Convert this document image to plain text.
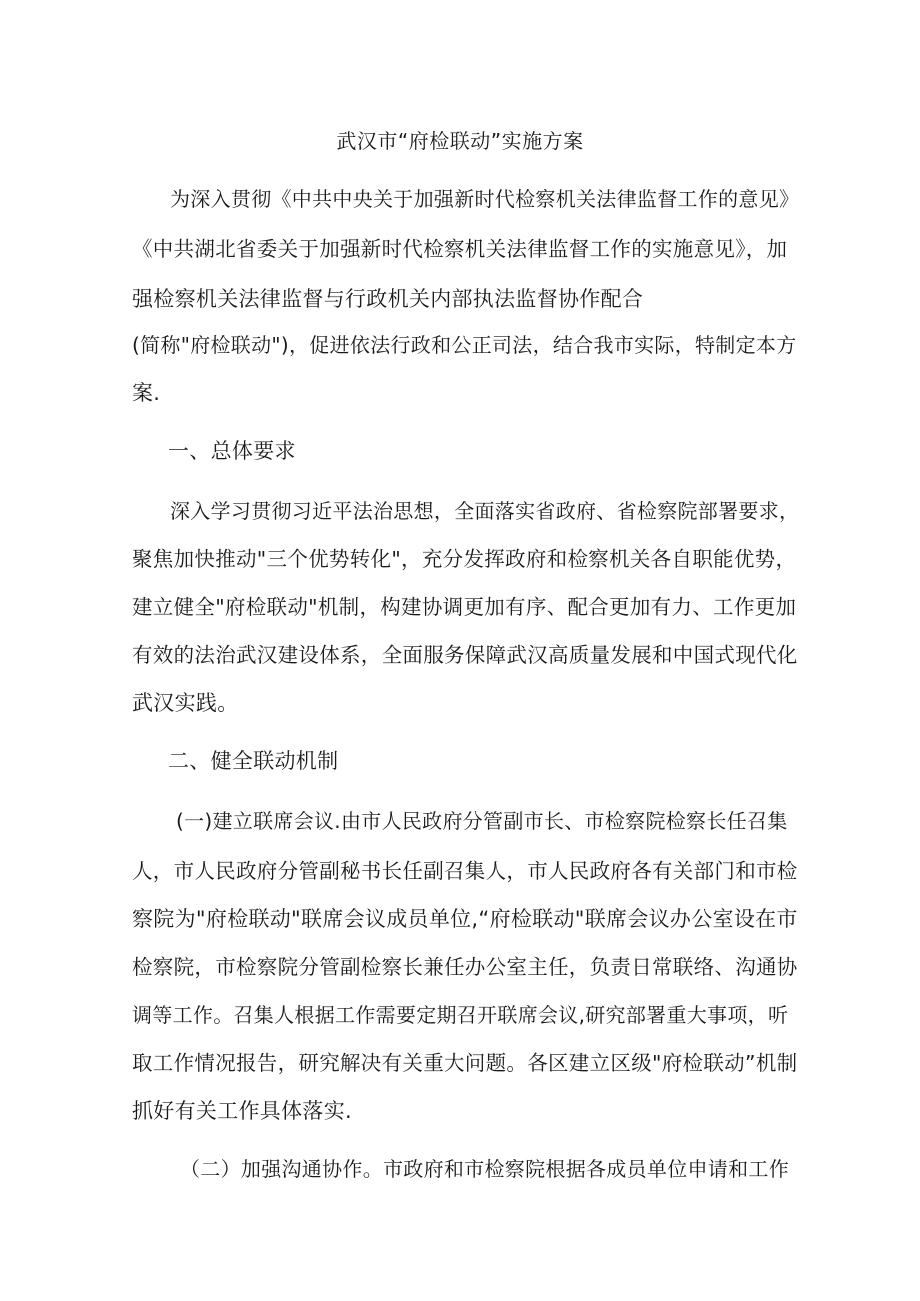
武汉市“府检联动”实施方案
为深入贯彻《中共中央关于加强新时代检察机关法律监督工作的意见》
《中共湖北省委关于加强新时代检察机关法律监督工作的实施意见》，加
强检察机关法律监督与行政机关内部执法监督协作配合
(简称"府检联动")，促进依法行政和公正司法，结合我市实际，特制定本方
案.
一、总体要求
深入学习贯彻习近平法治思想，全面落实省政府、省检察院部署要求，
聚焦加快推动"三个优势转化"，充分发挥政府和检察机关各自职能优势，
建立健全"府检联动"机制，构建协调更加有序、配合更加有力、工作更加
有效的法治武汉建设体系，全面服务保障武汉高质量发展和中国式现代化
武汉实践。
二、健全联动机制
(一)建立联席会议.由市人民政府分管副市长、市检察院检察长任召集
人，市人民政府分管副秘书长任副召集人，市人民政府各有关部门和市检
察院为"府检联动"联席会议成员单位,“府检联动"联席会议办公室设在市
检察院，市检察院分管副检察长兼任办公室主任，负责日常联络、沟通协
调等工作。召集人根据工作需要定期召开联席会议,研究部署重大事项，听
取工作情况报告，研究解决有关重大问题。各区建立区级"府检联动”机制
抓好有关工作具体落实.
（二）加强沟通协作。市政府和市检察院根据各成员单位申请和工作
